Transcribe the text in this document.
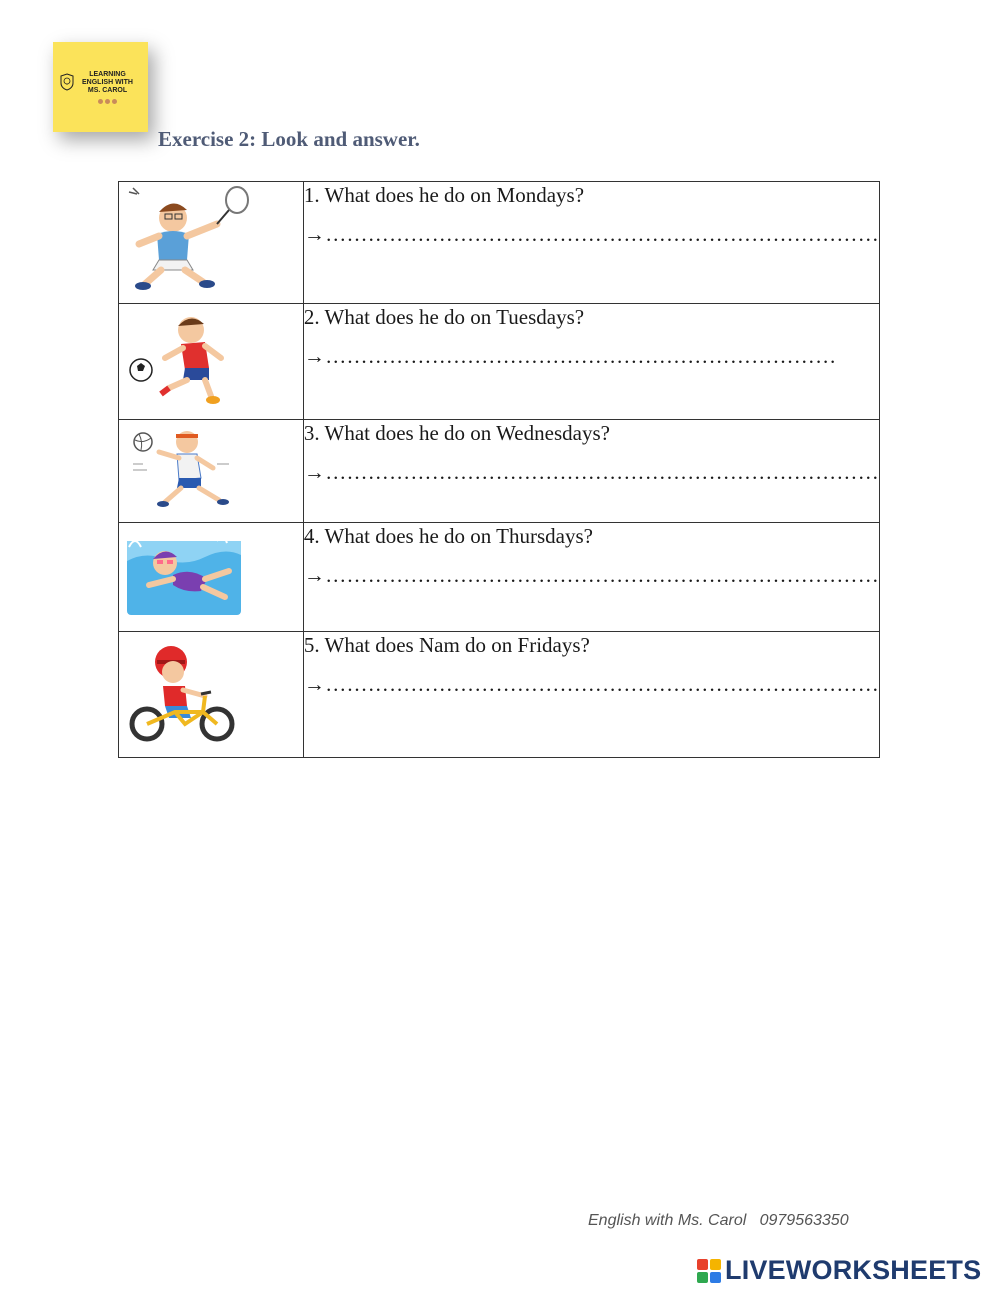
LEARNING
ENGLISH WITH
MS. CAROL
Exercise 2: Look and answer.

1. What does he do on Mondays?
→……………………………………………………………………

2. What does he do on Tuesdays?
→………………………………………………………………

3. What does he do on Wednesdays?
→……………………………………………………………………

4. What does he do on Thursdays?
→……………………………………………………………………

5. What does Nam do on Fridays?
→……………………………………………………………………
English with Ms. Carol   0979563350
LIVEWORKSHEETS
